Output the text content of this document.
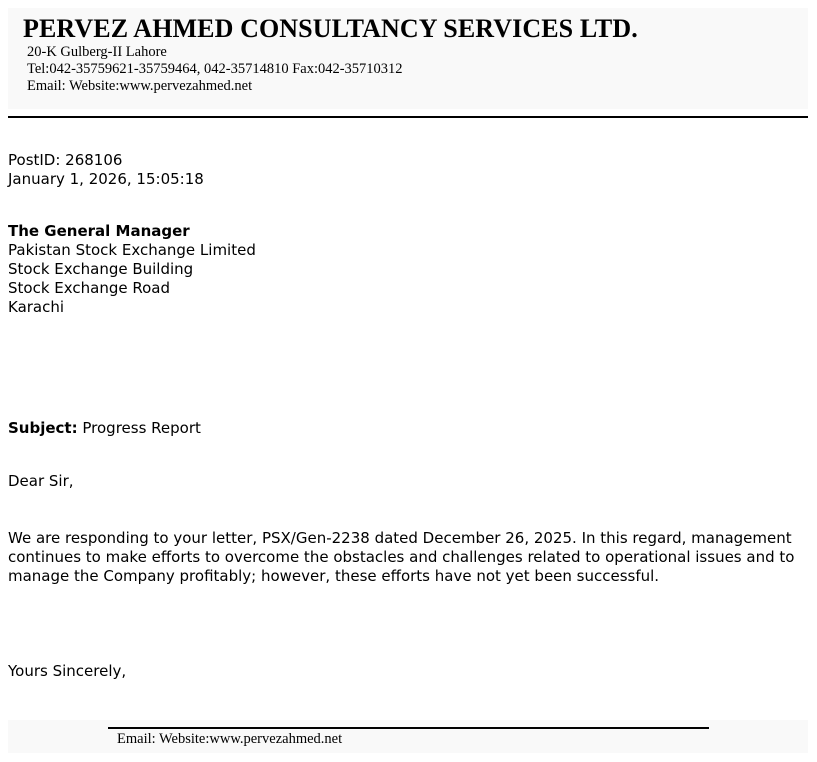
PERVEZ AHMED CONSULTANCY SERVICES LTD.
20-K Gulberg-II Lahore
Tel:042-35759621-35759464, 042-35714810 Fax:042-35710312
Email: Website:www.pervezahmed.net
PostID: 268106
January 1, 2026, 15:05:18
The General Manager
Pakistan Stock Exchange Limited
Stock Exchange Building
Stock Exchange Road
Karachi
Subject: Progress Report
Dear Sir,
We are responding to your letter, PSX/Gen-2238 dated December 26, 2025. In this regard, management continues to make efforts to overcome the obstacles and challenges related to operational issues and to manage the Company profitably; however, these efforts have not yet been successful.
Yours Sincerely,
Email: Website:www.pervezahmed.net
